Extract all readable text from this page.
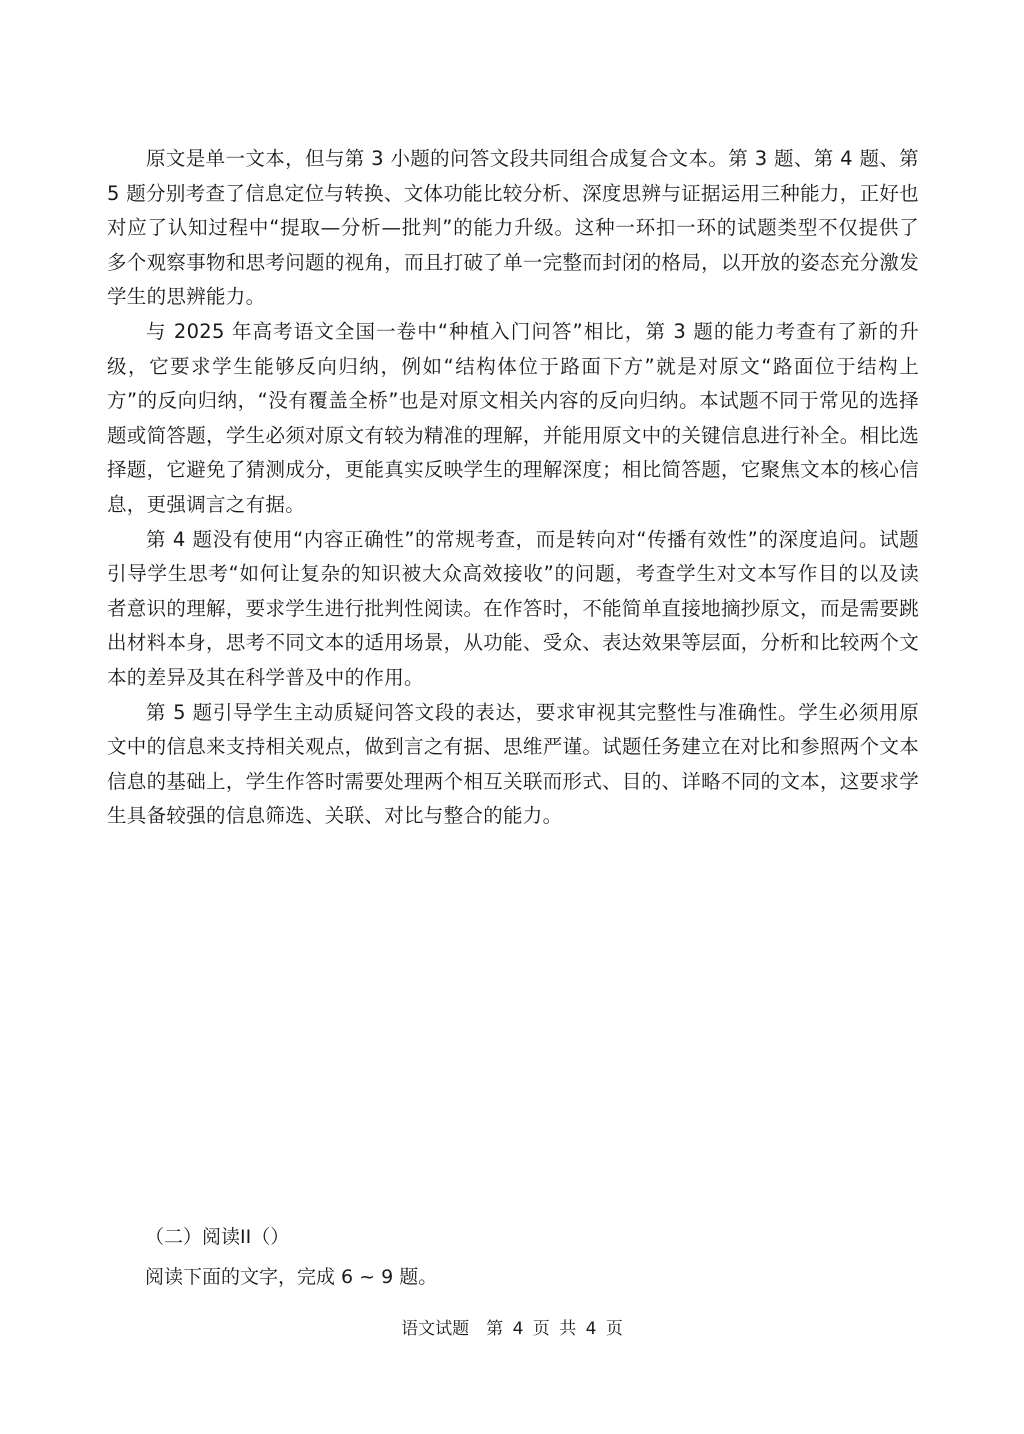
原文是单一文本，但与第 3 小题的问答文段共同组合成复合文本。第 3 题、第 4 题、第 5 题分别考查了信息定位与转换、文体功能比较分析、深度思辨与证据运用三种能力，正好也对应了认知过程中“提取—分析—批判”的能力升级。这种一环扣一环的试题类型不仅提供了多个观察事物和思考问题的视角，而且打破了单一完整而封闭的格局，以开放的姿态充分激发学生的思辨能力。

与 2025 年高考语文全国一卷中“种植入门问答”相比，第 3 题的能力考查有了新的升级，它要求学生能够反向归纳，例如“结构体位于路面下方”就是对原文“路面位于结构上方”的反向归纳，“没有覆盖全桥”也是对原文相关内容的反向归纳。本试题不同于常见的选择题或简答题，学生必须对原文有较为精准的理解，并能用原文中的关键信息进行补全。相比选择题，它避免了猜测成分，更能真实反映学生的理解深度；相比简答题，它聚焦文本的核心信息，更强调言之有据。

第 4 题没有使用“内容正确性”的常规考查，而是转向对“传播有效性”的深度追问。试题引导学生思考“如何让复杂的知识被大众高效接收”的问题，考查学生对文本写作目的以及读者意识的理解，要求学生进行批判性阅读。在作答时，不能简单直接地摘抄原文，而是需要跳出材料本身，思考不同文本的适用场景，从功能、受众、表达效果等层面，分析和比较两个文本的差异及其在科学普及中的作用。

第 5 题引导学生主动质疑问答文段的表达，要求审视其完整性与准确性。学生必须用原文中的信息来支持相关观点，做到言之有据、思维严谨。试题任务建立在对比和参照两个文本信息的基础上，学生作答时需要处理两个相互关联而形式、目的、详略不同的文本，这要求学生具备较强的信息筛选、关联、对比与整合的能力。

（二）阅读II（）

阅读下面的文字，完成 6 ~ 9 题。

语文试题　第 4 页 共 4 页
